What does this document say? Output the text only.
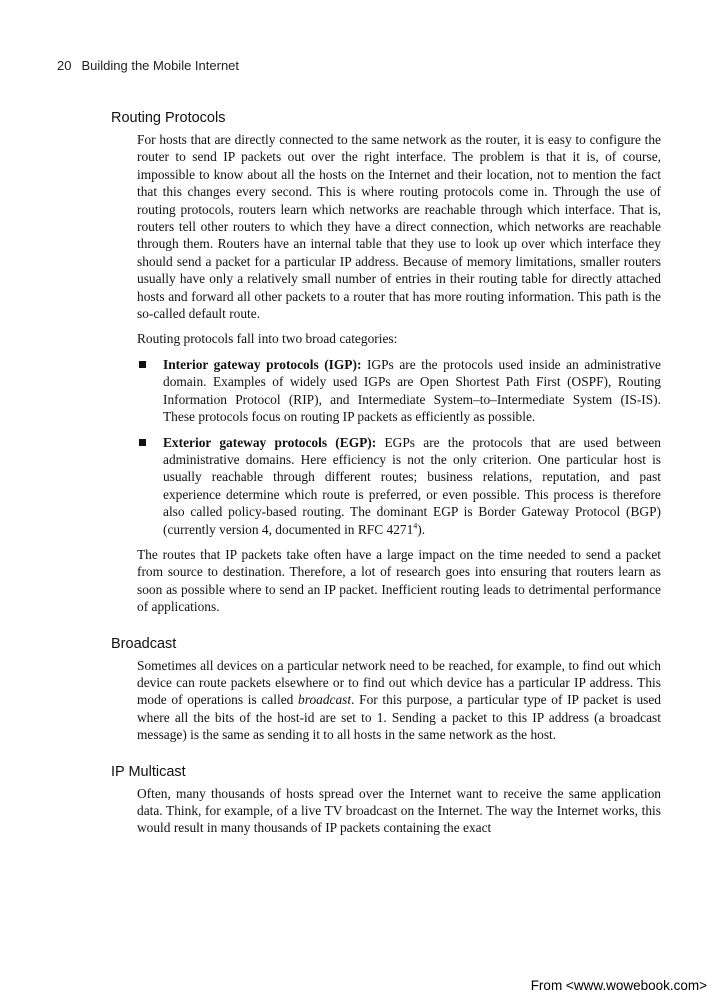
20 Building the Mobile Internet
Routing Protocols

For hosts that are directly connected to the same network as the router, it is easy to configure the router to send IP packets out over the right interface. The problem is that it is, of course, impossible to know about all the hosts on the Internet and their location, not to mention the fact that this changes every second. This is where routing protocols come in. Through the use of routing protocols, routers learn which networks are reachable through which interface. That is, routers tell other routers to which they have a direct connection, which networks are reachable through them. Routers have an internal table that they use to look up over which interface they should send a packet for a particular IP address. Because of memory limitations, smaller routers usually have only a relatively small number of entries in their routing table for directly attached hosts and forward all other packets to a router that has more routing information. This path is the so-called default route.

Routing protocols fall into two broad categories:

Interior gateway protocols (IGP): IGPs are the protocols used inside an administrative domain. Examples of widely used IGPs are Open Shortest Path First (OSPF), Routing Information Protocol (RIP), and Intermediate System–to–Intermediate System (IS-IS). These protocols focus on routing IP packets as efficiently as possible.
Exterior gateway protocols (EGP): EGPs are the protocols that are used between administrative domains. Here efficiency is not the only criterion. One particular host is usually reachable through different routes; business relations, reputation, and past experience determine which route is preferred, or even possible. This process is therefore also called policy-based routing. The dominant EGP is Border Gateway Protocol (BGP) (currently version 4, documented in RFC 4271$^4$).

The routes that IP packets take often have a large impact on the time needed to send a packet from source to destination. Therefore, a lot of research goes into ensuring that routers learn as soon as possible where to send an IP packet. Inefficient routing leads to detrimental performance of applications.

Broadcast

Sometimes all devices on a particular network need to be reached, for example, to find out which device can route packets elsewhere or to find out which device has a particular IP address. This mode of operations is called broadcast. For this purpose, a particular type of IP packet is used where all the bits of the host-id are set to 1. Sending a packet to this IP address (a broadcast message) is the same as sending it to all hosts in the same network as the host.

IP Multicast

Often, many thousands of hosts spread over the Internet want to receive the same application data. Think, for example, of a live TV broadcast on the Internet. The way the Internet works, this would result in many thousands of IP packets containing the exact

From <www.wowebook.com>
